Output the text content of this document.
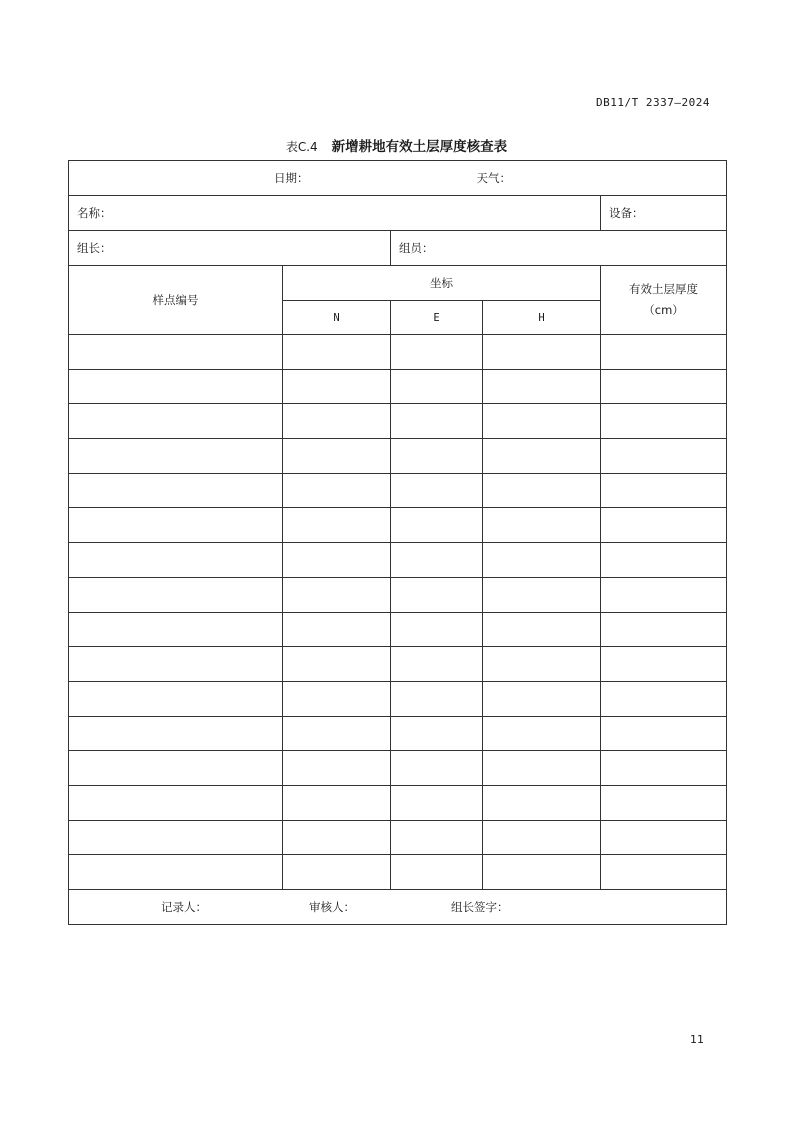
DB11/T 2337—2024
表C.4 新增耕地有效土层厚度核查表
日期： 天气：				
名称：				设备：
组长：		组员：		
样点编号	坐标			有效土层厚度
（cm）
	N	E	H	

记录人： 审核人： 组长签字：				
11
